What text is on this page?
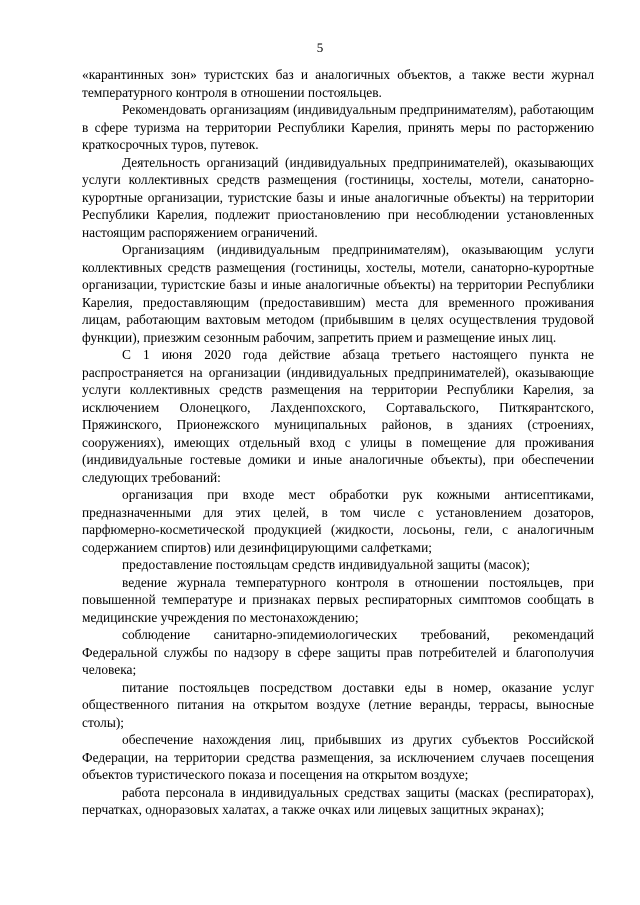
5

«карантинных зон» туристских баз и аналогичных объектов, а также вести журнал температурного контроля в отношении постояльцев.

Рекомендовать организациям (индивидуальным предпринимателям), работающим в сфере туризма на территории Республики Карелия, принять меры по расторжению краткосрочных туров, путевок.

Деятельность организаций (индивидуальных предпринимателей), оказывающих услуги коллективных средств размещения (гостиницы, хостелы, мотели, санаторно-курортные организации, туристские базы и иные аналогичные объекты) на территории Республики Карелия, подлежит приостановлению при несоблюдении установленных настоящим распоряжением ограничений.

Организациям (индивидуальным предпринимателям), оказывающим услуги коллективных средств размещения (гостиницы, хостелы, мотели, санаторно-курортные организации, туристские базы и иные аналогичные объекты) на территории Республики Карелия, предоставляющим (предоставившим) места для временного проживания лицам, работающим вахтовым методом (прибывшим в целях осуществления трудовой функции), приезжим сезонным рабочим, запретить прием и размещение иных лиц.

С 1 июня 2020 года действие абзаца третьего настоящего пункта не распространяется на организации (индивидуальных предпринимателей), оказывающие услуги коллективных средств размещения на территории Республики Карелия, за исключением Олонецкого, Лахденпохского, Сортавальского, Питкярантского, Пряжинского, Прионежского муниципальных районов, в зданиях (строениях, сооружениях), имеющих отдельный вход с улицы в помещение для проживания (индивидуальные гостевые домики и иные аналогичные объекты), при обеспечении следующих требований:

организация при входе мест обработки рук кожными антисептиками, предназначенными для этих целей, в том числе с установлением дозаторов, парфюмерно-косметической продукцией (жидкости, лосьоны, гели, с аналогичным содержанием спиртов) или дезинфицирующими салфетками;

предоставление постояльцам средств индивидуальной защиты (масок);

ведение журнала температурного контроля в отношении постояльцев, при повышенной температуре и признаках первых респираторных симптомов сообщать в медицинские учреждения по местонахождению;

соблюдение санитарно-эпидемиологических требований, рекомендаций Федеральной службы по надзору в сфере защиты прав потребителей и благополучия человека;

питание постояльцев посредством доставки еды в номер, оказание услуг общественного питания на открытом воздухе (летние веранды, террасы, выносные столы);

обеспечение нахождения лиц, прибывших из других субъектов Российской Федерации, на территории средства размещения, за исключением случаев посещения объектов туристического показа и посещения на открытом воздухе;

работа персонала в индивидуальных средствах защиты (масках (респираторах), перчатках, одноразовых халатах, а также очках или лицевых защитных экранах);
